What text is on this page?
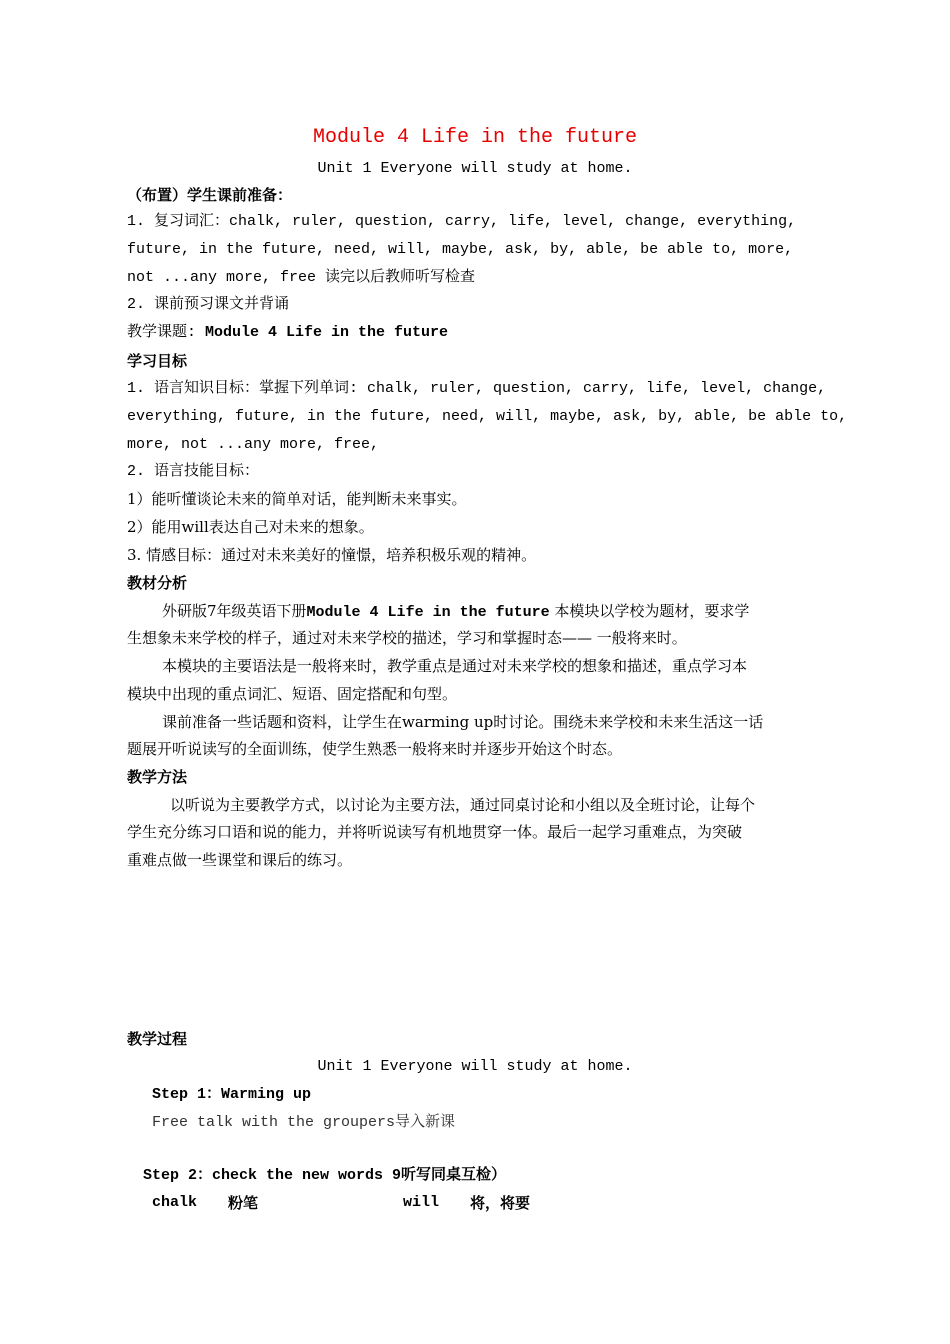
Module 4 Life in the future
Unit 1 Everyone will study at home.
（布置）学生课前准备：
1. 复习词汇：chalk, ruler, question, carry, life, level, change, everything,
future, in the future, need, will, maybe, ask, by, able, be able to, more,
not ...any more, free 读完以后教师听写检查
2. 课前预习课文并背诵
教学课题: Module 4 Life in the future
学习目标
1. 语言知识目标：掌握下列单词: chalk, ruler, question, carry, life, level, change,
everything, future, in the future, need, will, maybe, ask, by, able, be able to,
more, not ...any more, free,
2. 语言技能目标：
1）能听懂谈论未来的简单对话，能判断未来事实。
2）能用will表达自己对未来的想象。
3. 情感目标：通过对未来美好的憧憬，培养积极乐观的精神。
教材分析
外研版7年级英语下册Module 4 Life in the future 本模块以学校为题材，要求学
生想象未来学校的样子，通过对未来学校的描述，学习和掌握时态—— 一般将来时。
本模块的主要语法是一般将来时，教学重点是通过对未来学校的想象和描述，重点学习本
模块中出现的重点词汇、短语、固定搭配和句型。
课前准备一些话题和资料，让学生在warming up时讨论。围绕未来学校和未来生活这一话
题展开听说读写的全面训练，使学生熟悉一般将来时并逐步开始这个时态。
教学方法
以听说为主要教学方式，以讨论为主要方法，通过同桌讨论和小组以及全班讨论，让每个
学生充分练习口语和说的能力，并将听说读写有机地贯穿一体。最后一起学习重难点，为突破
重难点做一些课堂和课后的练习。
教学过程
Unit 1 Everyone will study at home.
Step 1：Warming up
Free talk with the groupers导入新课
Step 2：check the new words 9听写同桌互检）
chalk 粉笔	will 将，将要
